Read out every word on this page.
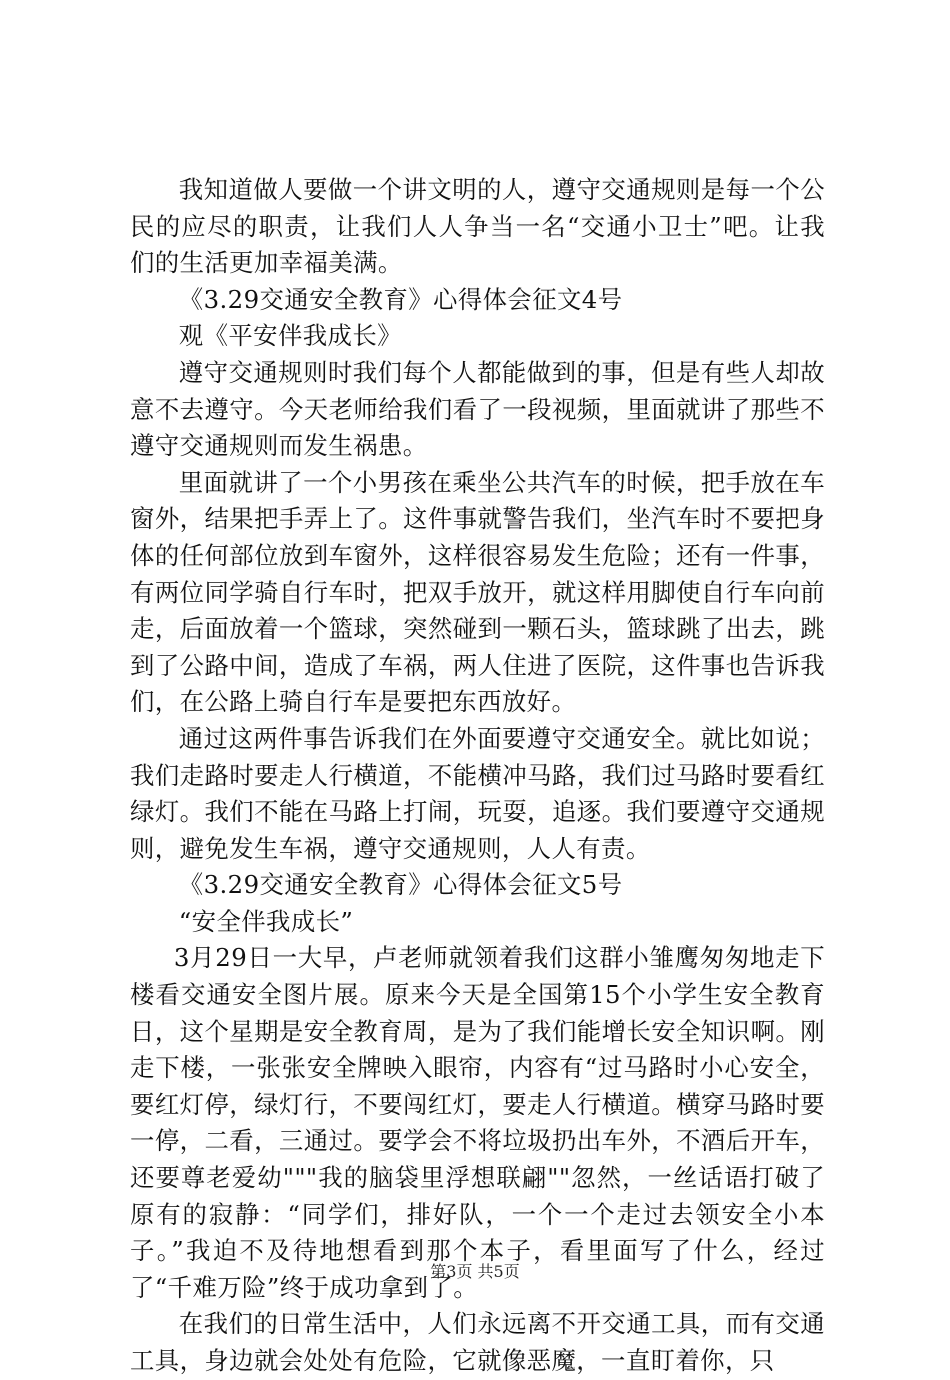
我知道做人要做一个讲文明的人，遵守交通规则是每一个公民的应尽的职责，让我们人人争当一名“交通小卫士”吧。让我们的生活更加幸福美满。

《3.29交通安全教育》心得体会征文4号

观《平安伴我成长》

遵守交通规则时我们每个人都能做到的事，但是有些人却故意不去遵守。今天老师给我们看了一段视频，里面就讲了那些不遵守交通规则而发生祸患。

里面就讲了一个小男孩在乘坐公共汽车的时候，把手放在车窗外，结果把手弄上了。这件事就警告我们，坐汽车时不要把身体的任何部位放到车窗外，这样很容易发生危险；还有一件事，有两位同学骑自行车时，把双手放开，就这样用脚使自行车向前走，后面放着一个篮球，突然碰到一颗石头，篮球跳了出去，跳到了公路中间，造成了车祸，两人住进了医院，这件事也告诉我们，在公路上骑自行车是要把东西放好。

通过这两件事告诉我们在外面要遵守交通安全。就比如说；我们走路时要走人行横道，不能横冲马路，我们过马路时要看红绿灯。我们不能在马路上打闹，玩耍，追逐。我们要遵守交通规则，避免发生车祸，遵守交通规则，人人有责。

《3.29交通安全教育》心得体会征文5号

“安全伴我成长”

3月29日一大早，卢老师就领着我们这群小雏鹰匆匆地走下楼看交通安全图片展。原来今天是全国第15个小学生安全教育日，这个星期是安全教育周，是为了我们能增长安全知识啊。刚走下楼，一张张安全牌映入眼帘，内容有“过马路时小心安全，要红灯停，绿灯行，不要闯红灯，要走人行横道。横穿马路时要一停，二看，三通过。要学会不将垃圾扔出车外，不酒后开车，还要尊老爱幼"""我的脑袋里浮想联翩""忽然，一丝话语打破了原有的寂静：“同学们，排好队，一个一个走过去领安全小本子。”我迫不及待地想看到那个本子，看里面写了什么，经过了“千难万险”终于成功拿到了。

在我们的日常生活中，人们永远离不开交通工具，而有交通工具，身边就会处处有危险，它就像恶魔，一直盯着你，只

第3页 共5页
